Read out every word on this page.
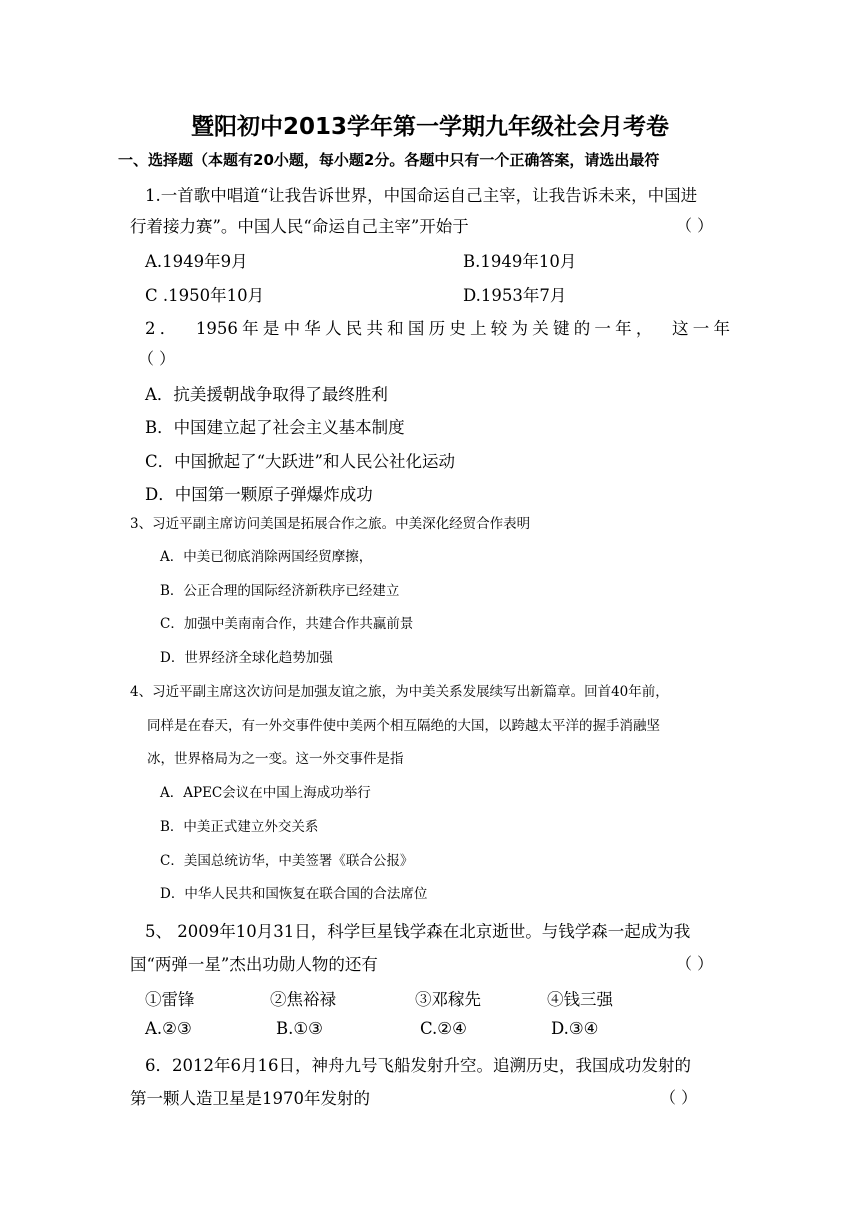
暨阳初中2013学年第一学期九年级社会月考卷
一、选择题（本题有20小题，每小题2分。各题中只有一个正确答案，请选出最符
1.一首歌中唱道“让我告诉世界，中国命运自己主宰，让我告诉未来，中国进
行着接力赛”。中国人民“命运自己主宰”开始于	（ ）
A.1949年9月	B.1949年10月
C .1950年10月	D.1953年7月
2． 1956年是中华人民共和国历史上较为关键的一年， 这一年
（ ）
A．抗美援朝战争取得了最终胜利
B．中国建立起了社会主义基本制度
C．中国掀起了“大跃进”和人民公社化运动
D．中国第一颗原子弹爆炸成功
3、习近平副主席访问美国是拓展合作之旅。中美深化经贸合作表明
A．中美已彻底消除两国经贸摩擦，
B．公正合理的国际经济新秩序已经建立
C．加强中美南南合作，共建合作共赢前景
D．世界经济全球化趋势加强
4、习近平副主席这次访问是加强友谊之旅，为中美关系发展续写出新篇章。回首40年前，
同样是在春天，有一外交事件使中美两个相互隔绝的大国，以跨越太平洋的握手消融坚
冰，世界格局为之一变。这一外交事件是指
A．APEC会议在中国上海成功举行
B．中美正式建立外交关系
C．美国总统访华，中美签署《联合公报》
D．中华人民共和国恢复在联合国的合法席位
5、 2009年10月31日，科学巨星钱学森在北京逝世。与钱学森一起成为我
国“两弹一星”杰出功勋人物的还有	（ ）
①雷锋	②焦裕禄	③邓稼先	④钱三强
A.②③	B.①③	C.②④	D.③④
6．2012年6月16日，神舟九号飞船发射升空。追溯历史，我国成功发射的
第一颗人造卫星是1970年发射的	（ ）
